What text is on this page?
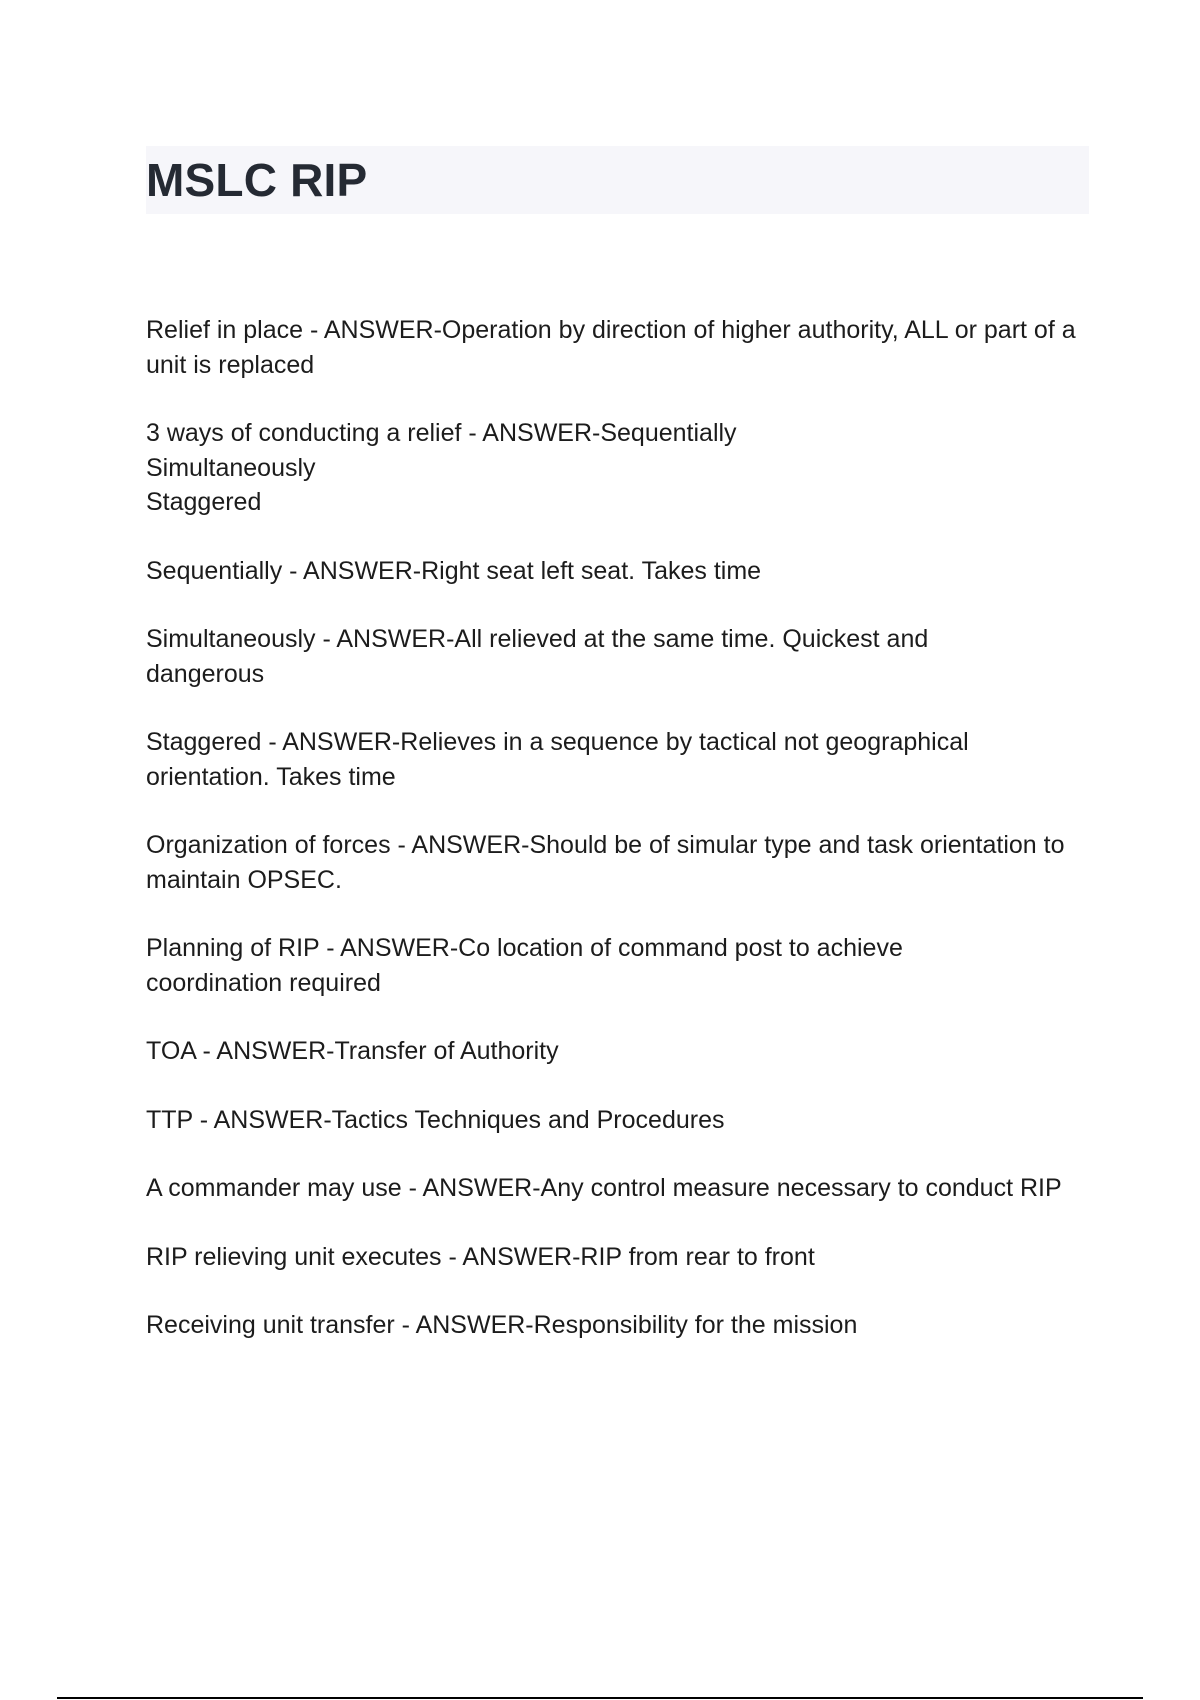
MSLC RIP
Relief in place - ANSWER-Operation by direction of higher authority, ALL or part of a unit is replaced
3 ways of conducting a relief - ANSWER-Sequentially
Simultaneously
Staggered
Sequentially - ANSWER-Right seat left seat. Takes time
Simultaneously - ANSWER-All relieved at the same time. Quickest and
dangerous
Staggered - ANSWER-Relieves in a sequence by tactical not geographical
orientation. Takes time
Organization of forces - ANSWER-Should be of simular type and task orientation to maintain OPSEC.
Planning of RIP - ANSWER-Co location of command post to achieve
coordination required
TOA - ANSWER-Transfer of Authority
TTP - ANSWER-Tactics Techniques and Procedures
A commander may use - ANSWER-Any control measure necessary to conduct RIP
RIP relieving unit executes - ANSWER-RIP from rear to front
Receiving unit transfer - ANSWER-Responsibility for the mission
